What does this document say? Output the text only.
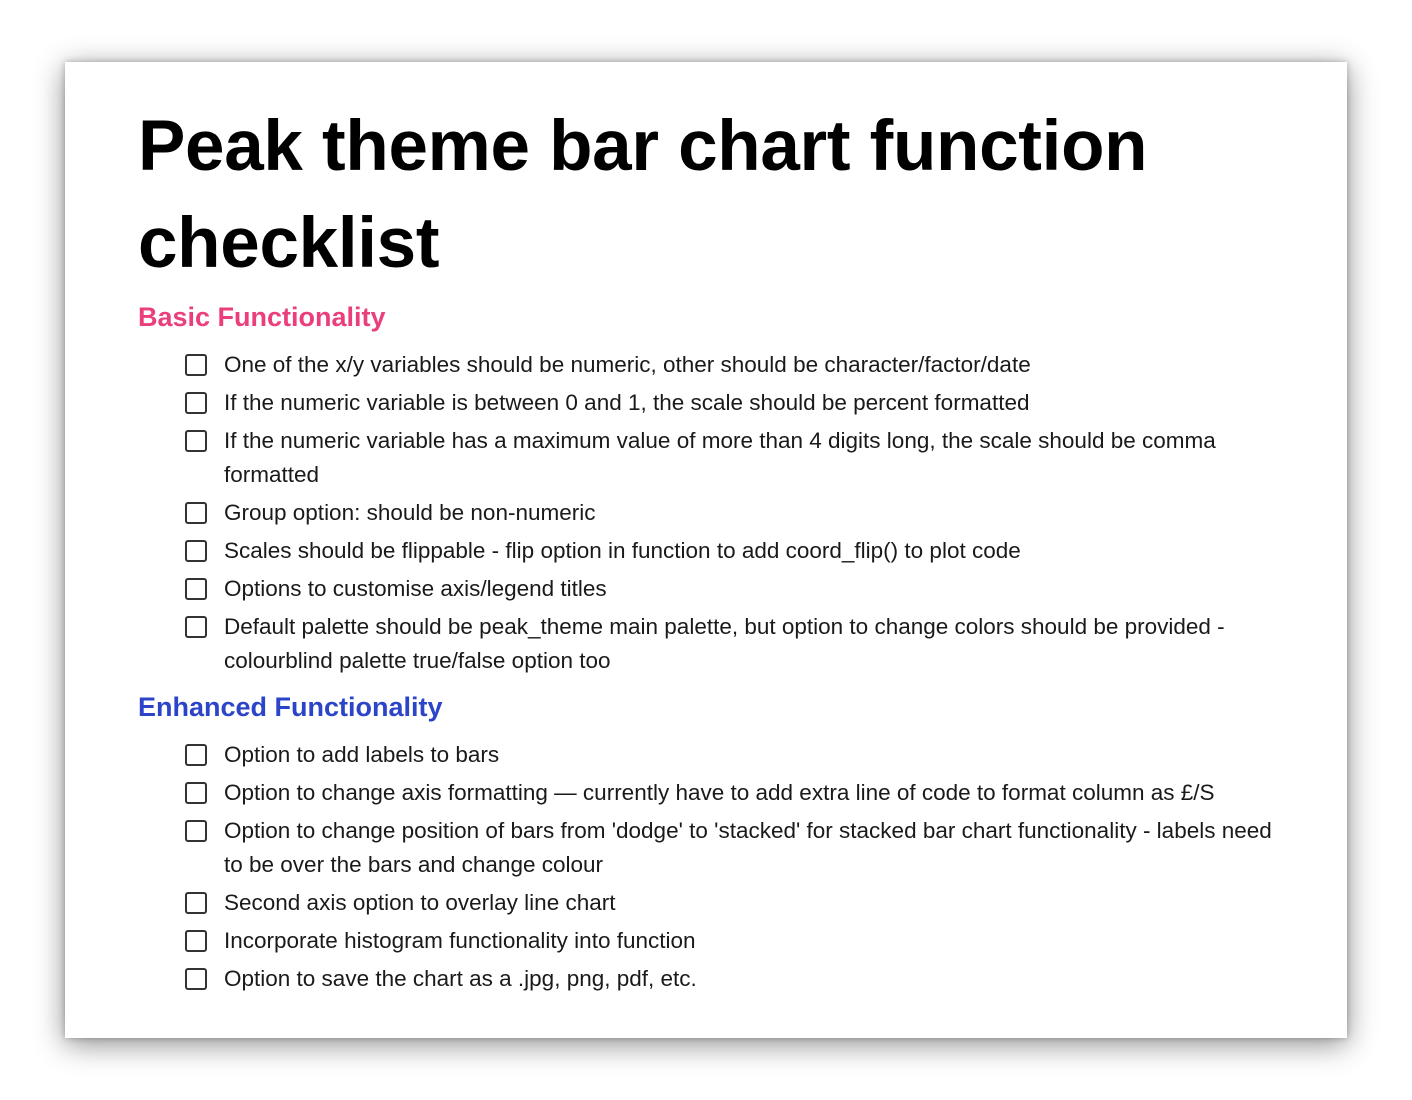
Peak theme bar chart function checklist
Basic Functionality
One of the x/y variables should be numeric, other should be character/factor/date
If the numeric variable is between 0 and 1, the scale should be percent formatted
If the numeric variable has a maximum value of more than 4 digits long, the scale should be comma formatted
Group option: should be non-numeric
Scales should be flippable - flip option in function to add coord_flip() to plot code
Options to customise axis/legend titles
Default palette should be peak_theme main palette, but option to change colors should be provided - colourblind palette true/false option too
Enhanced Functionality
Option to add labels to bars
Option to change axis formatting — currently have to add extra line of code to format column as £/S
Option to change position of bars from 'dodge' to 'stacked' for stacked bar chart functionality - labels need to be over the bars and change colour
Second axis option to overlay line chart
Incorporate histogram functionality into function
Option to save the chart as a .jpg, png, pdf, etc.
